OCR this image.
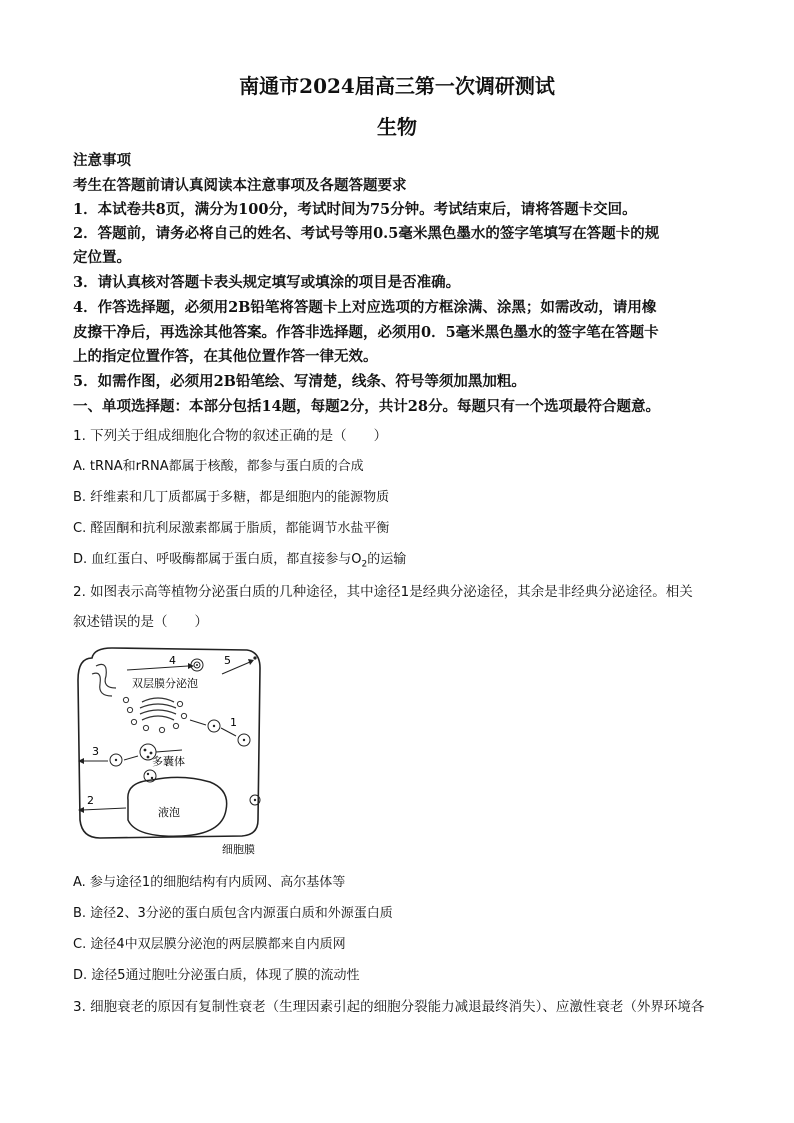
南通市2024届高三第一次调研测试
生物
注意事项
考生在答题前请认真阅读本注意事项及各题答题要求
1．本试卷共8页，满分为100分，考试时间为75分钟。考试结束后，请将答题卡交回。
2．答题前，请务必将自己的姓名、考试号等用0.5毫米黑色墨水的签字笔填写在答题卡的规
定位置。
3．请认真核对答题卡表头规定填写或填涂的项目是否准确。
4．作答选择题，必须用2B铅笔将答题卡上对应选项的方框涂满、涂黑；如需改动，请用橡
皮擦干净后，再选涂其他答案。作答非选择题，必须用0．5毫米黑色墨水的签字笔在答题卡
上的指定位置作答，在其他位置作答一律无效。
5．如需作图，必须用2B铅笔绘、写清楚，线条、符号等须加黑加粗。
一、单项选择题：本部分包括14题，每题2分，共计28分。每题只有一个选项最符合题意。
1. 下列关于组成细胞化合物的叙述正确的是（　　）
A. tRNA和rRNA都属于核酸，都参与蛋白质的合成
B. 纤维素和几丁质都属于多糖，都是细胞内的能源物质
C. 醛固酮和抗利尿激素都属于脂质，都能调节水盐平衡
D. 血红蛋白、呼吸酶都属于蛋白质，都直接参与$O_2$的运输
2. 如图表示高等植物分泌蛋白质的几种途径，其中途径1是经典分泌途径，其余是非经典分泌途径。相关
叙述错误的是（　　）
双层膜分泌泡
多囊体
液泡
细胞膜
1
2
3
4	5
A. 参与途径1的细胞结构有内质网、高尔基体等
B. 途径2、3分泌的蛋白质包含内源蛋白质和外源蛋白质
C. 途径4中双层膜分泌泡的两层膜都来自内质网
D. 途径5通过胞吐分泌蛋白质，体现了膜的流动性
3. 细胞衰老的原因有复制性衰老（生理因素引起的细胞分裂能力减退最终消失）、应激性衰老（外界环境各
